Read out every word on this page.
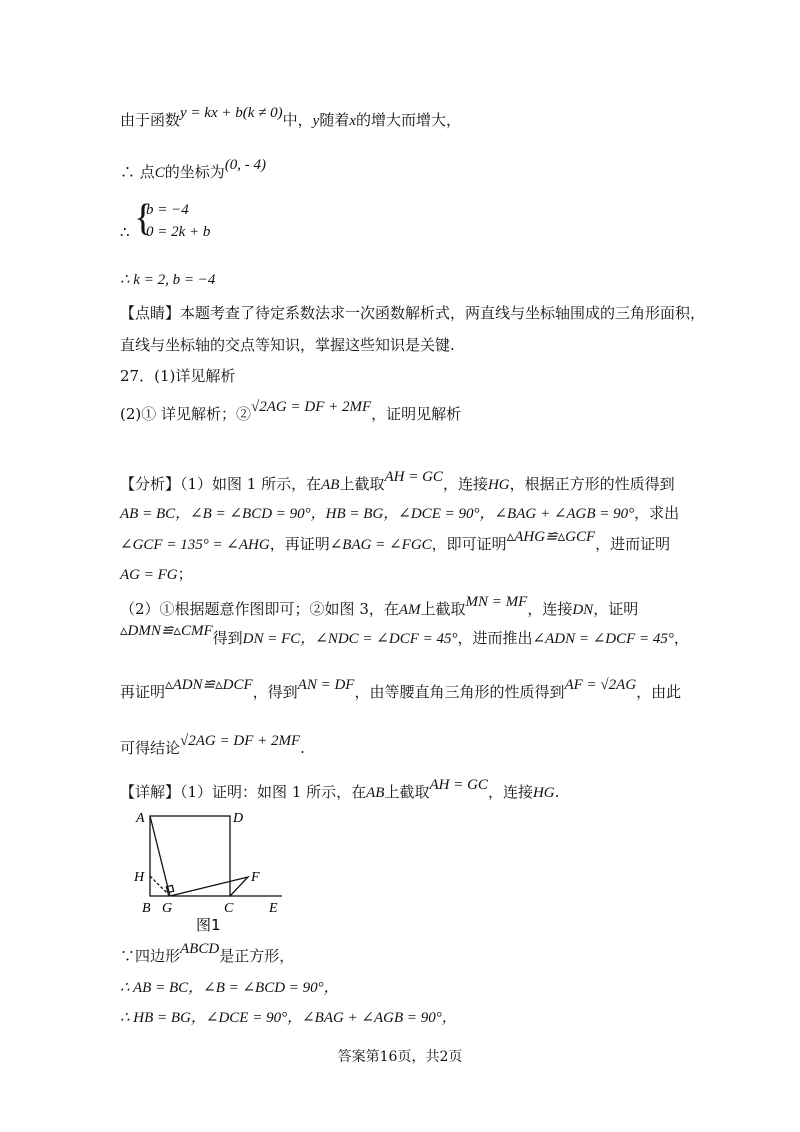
由于函数y = kx + b(k ≠ 0)中，y随着x的增大而增大，
∴ 点C的坐标为(0, - 4)
∴ {
b = −4
0 = 2k + b
∴ k = 2, b = −4
【点睛】本题考查了待定系数法求一次函数解析式，两直线与坐标轴围成的三角形面积，
直线与坐标轴的交点等知识，掌握这些知识是关键.
27．(1)详见解析
(2)① 详见解析；②√2AG = DF + 2MF，证明见解析
【分析】（1）如图 1 所示，在AB上截取AH = GC，连接HG，根据正方形的性质得到
AB = BC，∠B = ∠BCD = 90°，HB = BG，∠DCE = 90°，∠BAG + ∠AGB = 90°，求出
∠GCF = 135° = ∠AHG，再证明∠BAG = ∠FGC，即可证明▵AHG≌▵GCF，进而证明
AG = FG；
（2）①根据题意作图即可；②如图 3，在AM上截取MN = MF，连接DN，证明
▵DMN≌▵CMF得到DN = FC，∠NDC = ∠DCF = 45°，进而推出∠ADN = ∠DCF = 45°，
再证明▵ADN≌▵DCF，得到AN = DF，由等腰直角三角形的性质得到AF = √2AG，由此
可得结论√2AG = DF + 2MF.
【详解】（1）证明：如图 1 所示，在AB上截取AH = GC，连接HG.
A	D
H	F
B G	C	E
图1
∵四边形ABCD是正方形，
∴ AB = BC，∠B = ∠BCD = 90°，
∴ HB = BG，∠DCE = 90°，∠BAG + ∠AGB = 90°，
答案第16页，共2页
